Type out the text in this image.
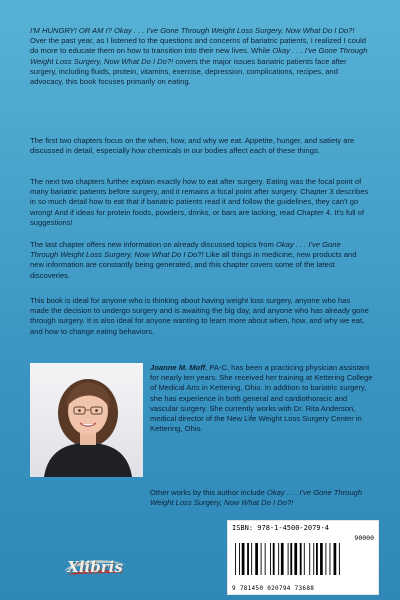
I'M HUNGRY! OR AM I? Okay . . . I've Gone Through Weight Loss Surgery, Now What Do I Do?! Over the past year, as I listened to the questions and concerns of bariatric patients, I realized I could do more to educate them on how to transition into their new lives. While Okay . . . I've Gone Through Weight Loss Surgery, Now What Do I Do?! covers the major issues bariatric patients face after surgery, including fluids, protein, vitamins, exercise, depression, complications, recipes, and advocacy, this book focuses primarily on eating.
The first two chapters focus on the when, how, and why we eat. Appetite, hunger, and satiety are discussed in detail, especially how chemicals in our bodies affect each of these things.
The next two chapters further explain exactly how to eat after surgery. Eating was the focal point of many bariatric patients before surgery, and it remains a focal point after surgery. Chapter 3 describes in so much detail how to eat that if bariatric patients read it and follow the guidelines, they can't go wrong! And if ideas for protein foods, powders, drinks, or bars are lacking, read Chapter 4. It's full of suggestions!
The last chapter offers new information on already discussed topics from Okay . . . I've Gone Through Weight Loss Surgery, Now What Do I Do?! Like all things in medicine, new products and new information are constantly being generated, and this chapter covers some of the latest discoveries.
This book is ideal for anyone who is thinking about having weight loss surgery, anyone who has made the decision to undergo surgery and is awaiting the big day, and anyone who has already gone through surgery. It is also ideal for anyone wanting to learn more about when, how, and why we eat, and how to change eating behaviors.
Joanne M. Moff, PA-C, has been a practicing physician assistant for nearly ten years. She received her training at Kettering College of Medical Arts in Kettering, Ohio. In addition to bariatric surgery, she has experience in both general and cardiothoracic and vascular surgery. She currently works with Dr. Rita Anderson, medical director of the New Life Weight Loss Surgery Center in Kettering, Ohio.
Other works by this author include Okay . . . I've Gone Through Weight Loss Surgery, Now What Do I Do?!
ISBN: 978-1-4500-2079-4
90000
9 781450 020794 73688
Xlibris
